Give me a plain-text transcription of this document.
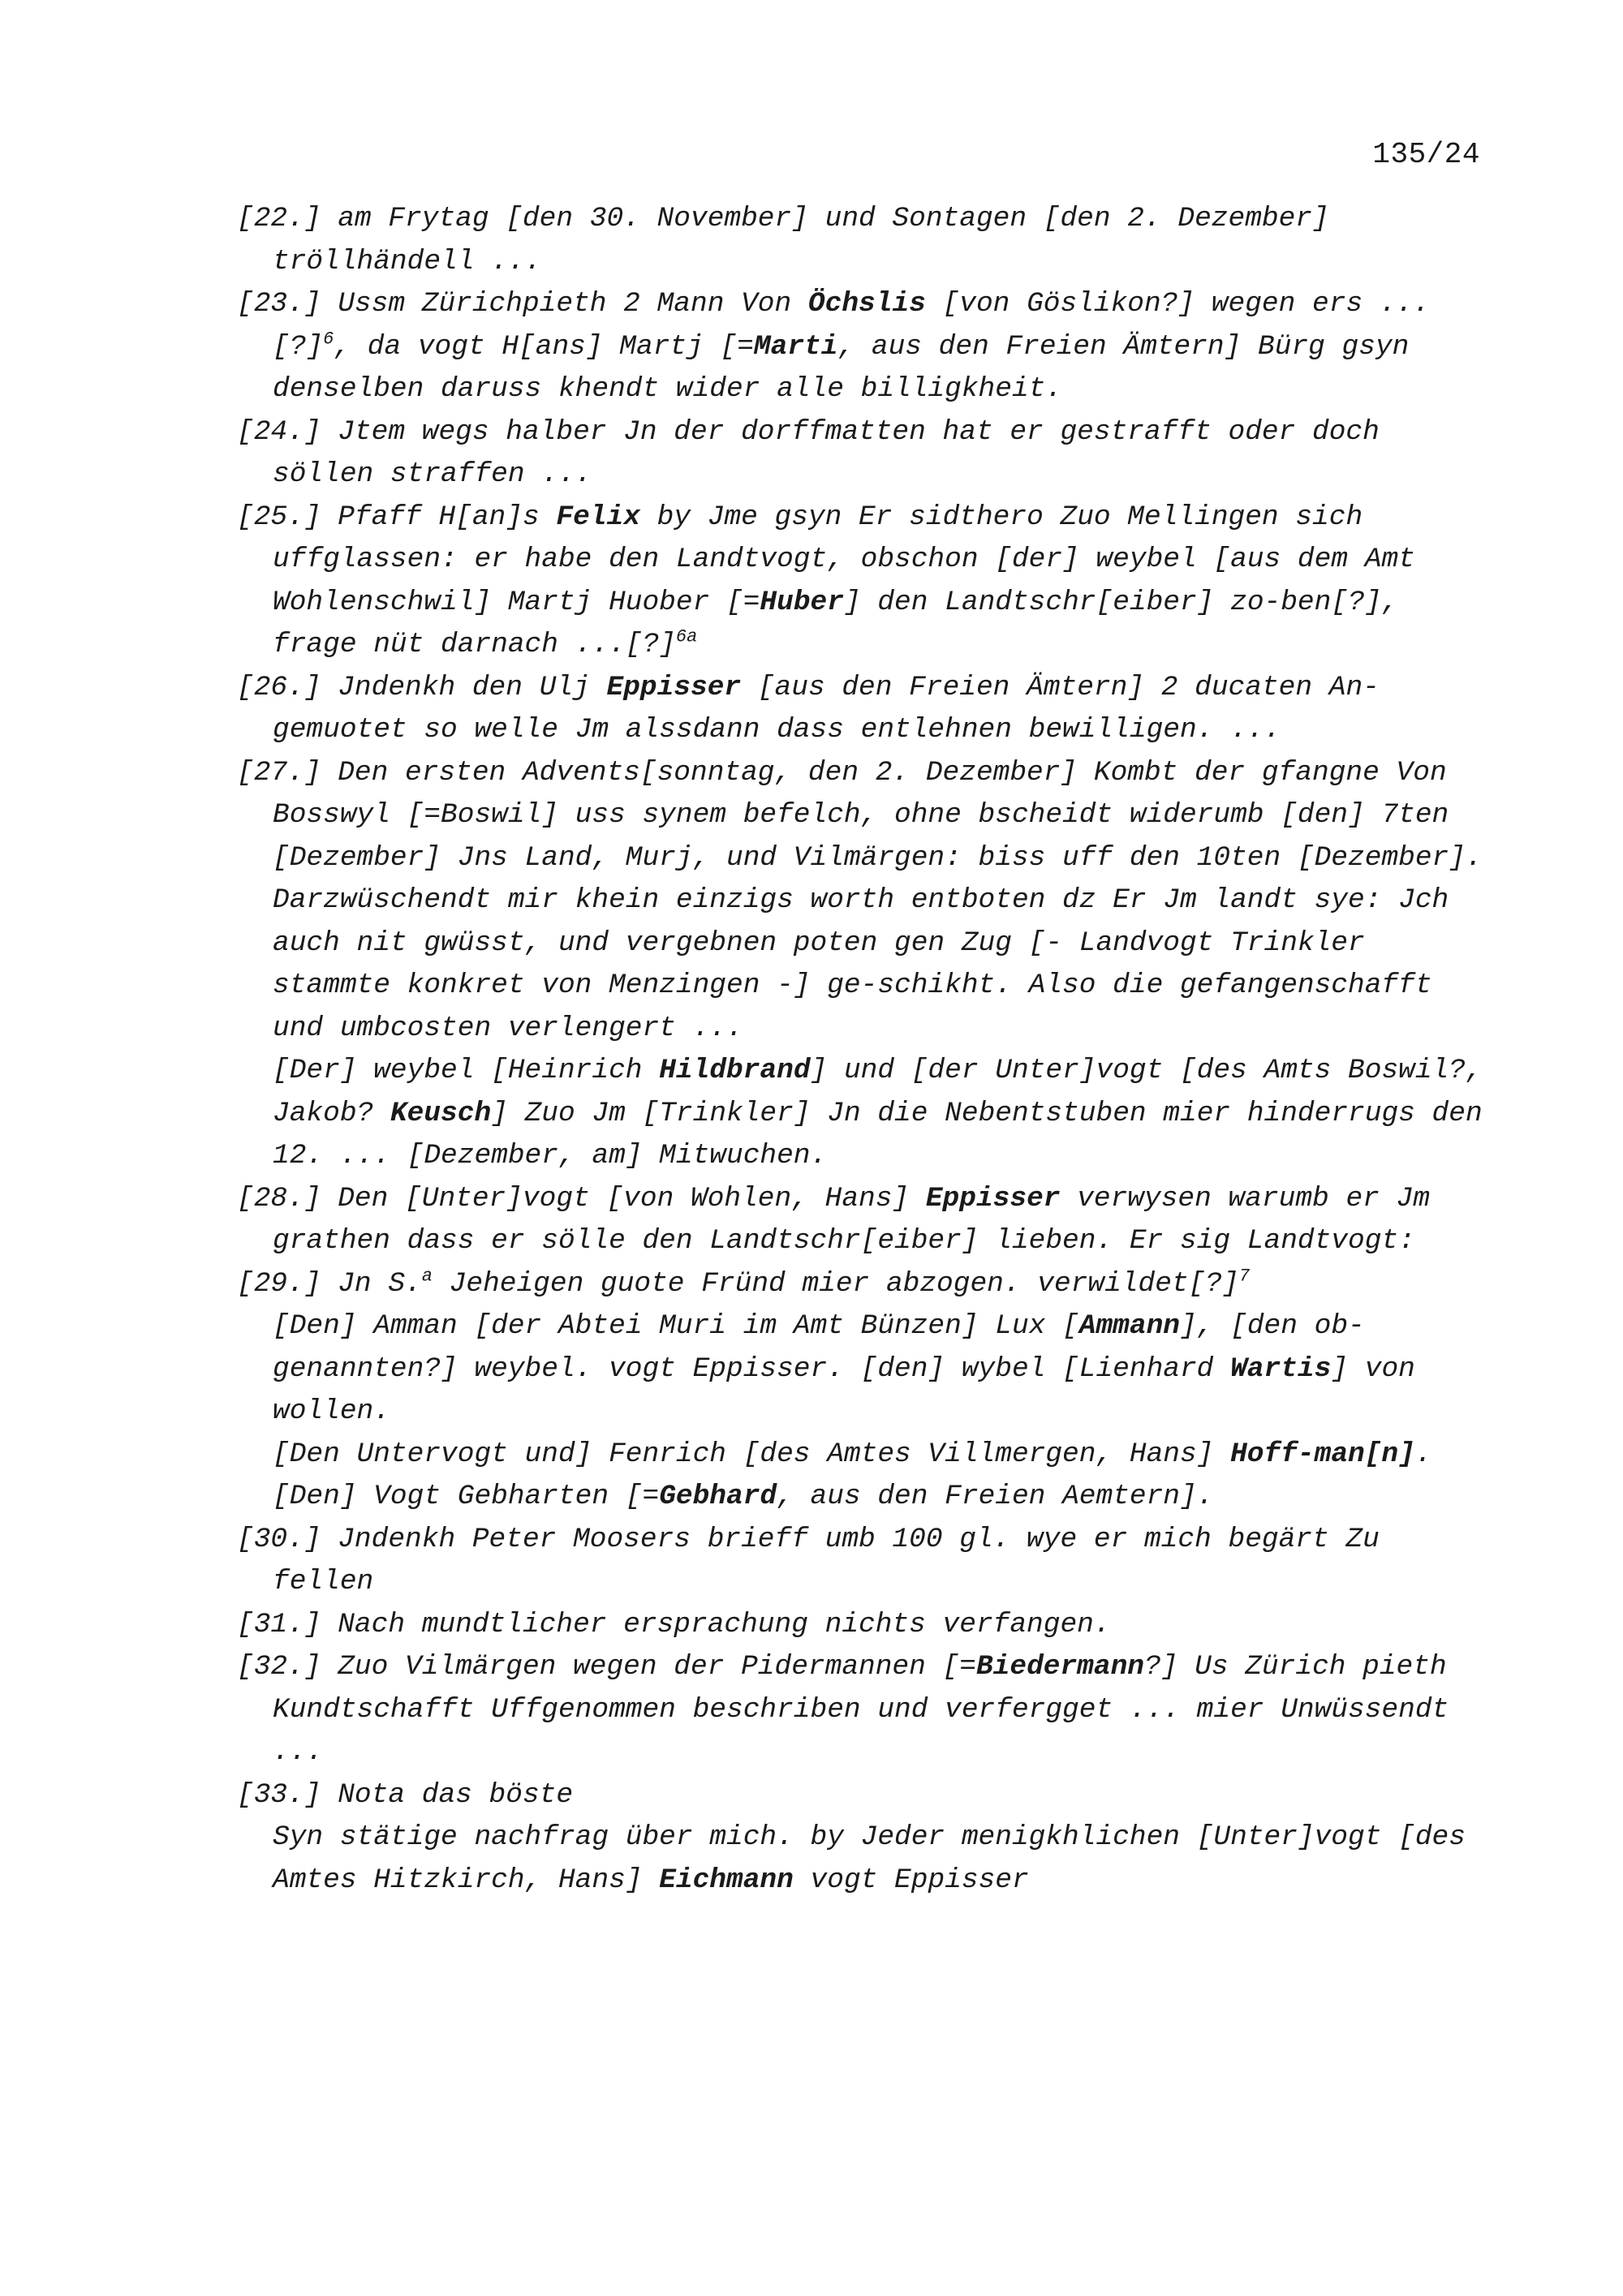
135/24
[22.] am Frytag [den 30. November] und Sontagen [den 2. Dezember] tröllhändell ...
[23.] Ussm Zürichpieth 2 Mann Von Öchslis [von Göslikon?] wegen ers ...[?]$^6$, da vogt H[ans] Martj [=Marti, aus den Freien Ämtern] Bürg gsyn denselben daruss khendt wider alle billigkheit.
[24.] Jtem wegs halber Jn der dorffmatten hat er gestrafft oder doch söllen straffen ...
[25.] Pfaff H[an]s Felix by Jme gsyn Er sidthero Zuo Mellingen sich uffglassen: er habe den Landtvogt, obschon [der] weybel [aus dem Amt Wohlenschwil] Martj Huober [=Huber] den Landtschr[eiber] zo-ben[?], frage nüt darnach ...[?]$^{6a}$
[26.] Jndenkh den Ulj Eppisser [aus den Freien Ämtern] 2 ducaten An-gemuotet so welle Jm alssdann dass entlehnen bewilligen. ...
[27.] Den ersten Advents[sonntag, den 2. Dezember] Kombt der gfangne Von Bosswyl [=Boswil] uss synem befelch, ohne bscheidt widerumb [den] 7ten [Dezember] Jns Land, Murj, und Vilmärgen: biss uff den 10ten [Dezember]. Darzwüschendt mir khein einzigs worth entboten dz Er Jm landt sye: Jch auch nit gwüsst, und vergebnen poten gen Zug [- Landvogt Trinkler stammte konkret von Menzingen -] ge-schikht. Also die gefangenschafft und umbcosten verlengert ...
[Der] weybel [Heinrich Hildbrand] und [der Unter]vogt [des Amts Boswil?, Jakob? Keusch] Zuo Jm [Trinkler] Jn die Nebentstuben mier hinderrugs den 12. ... [Dezember, am] Mitwuchen.
[28.] Den [Unter]vogt [von Wohlen, Hans] Eppisser verwysen warumb er Jm grathen dass er sölle den Landtschr[eiber] lieben. Er sig Landtvogt:
[29.] Jn S.$^a$ Jeheigen guote Fründ mier abzogen. verwildet[?]$^7$
[Den] Amman [der Abtei Muri im Amt Bünzen] Lux [Ammann], [den ob-genannten?] weybel. vogt Eppisser. [den] wybel [Lienhard Wartis] von wollen.
[Den Untervogt und] Fenrich [des Amtes Villmergen, Hans] Hoff-man[n].
[Den] Vogt Gebharten [=Gebhard, aus den Freien Aemtern].
[30.] Jndenkh Peter Moosers brieff umb 100 gl. wye er mich begärt Zu fellen
[31.] Nach mundtlicher ersprachung nichts verfangen.
[32.] Zuo Vilmärgen wegen der Pidermannen [=Biedermann?] Us Zürich pieth Kundtschafft Uffgenommen beschriben und verfergget ... mier Unwüssendt ...
[33.] Nota das böste
Syn stätige nachfrag über mich. by Jeder menigkhlichen [Unter]vogt [des Amtes Hitzkirch, Hans] Eichmann vogt Eppisser
